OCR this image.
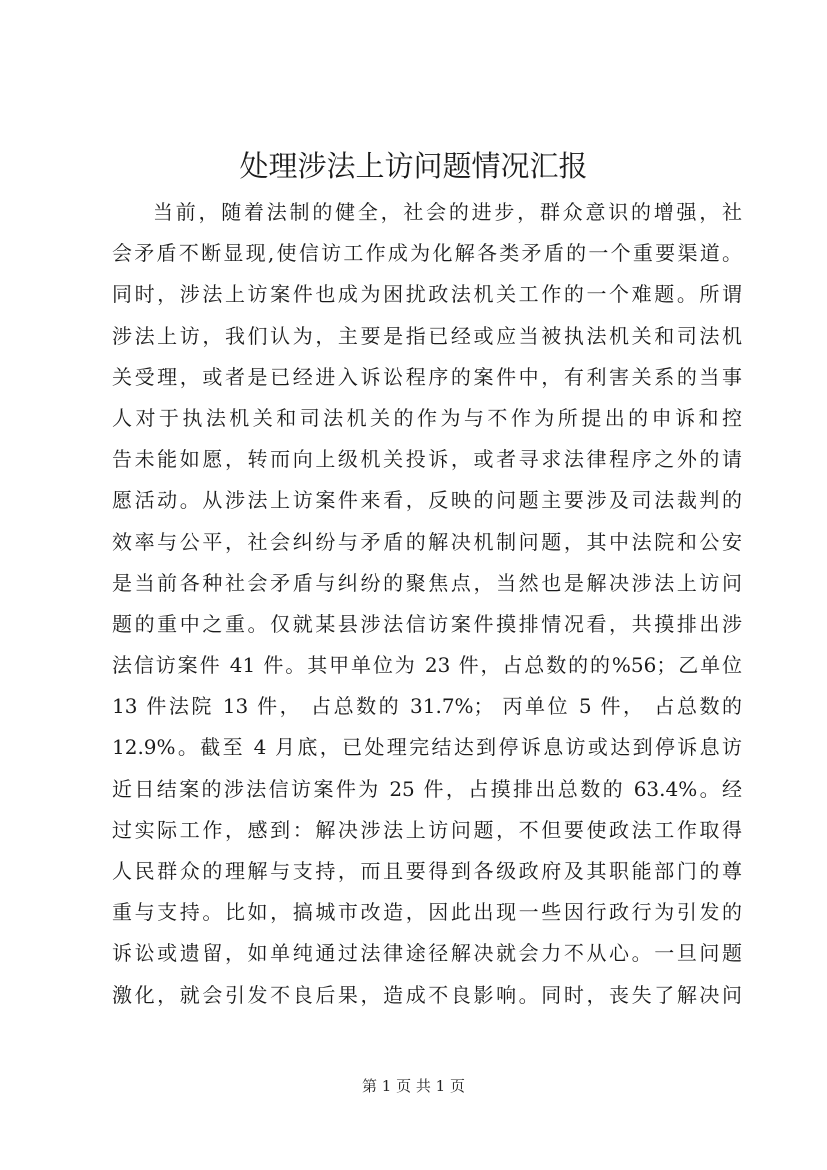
处理涉法上访问题情况汇报
当前，随着法制的健全，社会的进步，群众意识的增强，社
会矛盾不断显现,使信访工作成为化解各类矛盾的一个重要渠道。
同时，涉法上访案件也成为困扰政法机关工作的一个难题。所谓
涉法上访，我们认为，主要是指已经或应当被执法机关和司法机
关受理，或者是已经进入诉讼程序的案件中，有利害关系的当事
人对于执法机关和司法机关的作为与不作为所提出的申诉和控
告未能如愿，转而向上级机关投诉，或者寻求法律程序之外的请
愿活动。从涉法上访案件来看，反映的问题主要涉及司法裁判的
效率与公平，社会纠纷与矛盾的解决机制问题，其中法院和公安
是当前各种社会矛盾与纠纷的聚焦点，当然也是解决涉法上访问
题的重中之重。仅就某县涉法信访案件摸排情况看，共摸排出涉
法信访案件 41 件。其甲单位为 23 件，占总数的的%56；乙单位
13 件法院 13 件， 占总数的 31.7%； 丙单位 5 件， 占总数的
12.9%。截至 4 月底，已处理完结达到停诉息访或达到停诉息访
近日结案的涉法信访案件为 25 件，占摸排出总数的 63.4%。经
过实际工作，感到：解决涉法上访问题，不但要使政法工作取得
人民群众的理解与支持，而且要得到各级政府及其职能部门的尊
重与支持。比如，搞城市改造，因此出现一些因行政行为引发的
诉讼或遗留，如单纯通过法律途径解决就会力不从心。一旦问题
激化，就会引发不良后果，造成不良影响。同时，丧失了解决问
第 1 页 共 1 页
